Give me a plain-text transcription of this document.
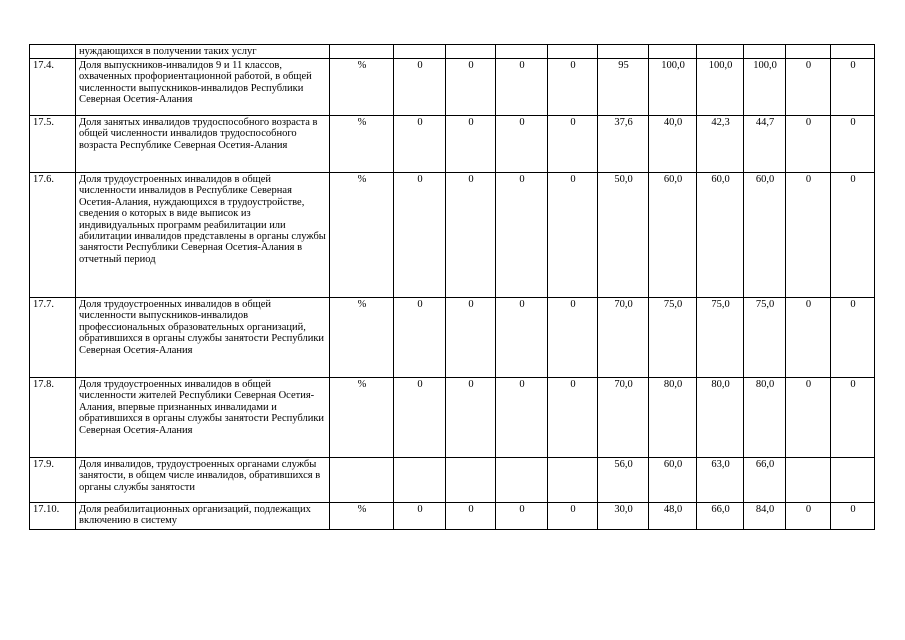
	нуждающихся в получении таких услуг											
17.4.	Доля выпускников-инвалидов 9 и 11 классов, охваченных профориентационной работой, в общей численности выпускников-инвалидов Республики Северная Осетия-Алания	%	0	0	0	0	95	100,0	100,0	100,0	0	0
17.5.	Доля занятых инвалидов трудоспособного возраста в общей численности инвалидов трудоспособного возраста Республике Северная Осетия-Алания	%	0	0	0	0	37,6	40,0	42,3	44,7	0	0
17.6.	Доля трудоустроенных инвалидов в общей численности инвалидов в Республике Северная Осетия-Алания, нуждающихся в трудоустройстве, сведения о которых в виде выписок из индивидуальных программ реабилитации или абилитации инвалидов представлены в органы службы занятости Республики Северная Осетия-Алания в отчетный период	%	0	0	0	0	50,0	60,0	60,0	60,0	0	0
17.7.	Доля трудоустроенных инвалидов в общей численности выпускников-инвалидов профессиональных образовательных организаций, обратившихся в органы службы занятости Республики Северная Осетия-Алания	%	0	0	0	0	70,0	75,0	75,0	75,0	0	0
17.8.	Доля трудоустроенных инвалидов в общей численности жителей Республики Северная Осетия-Алания, впервые признанных инвалидами и обратившихся в органы службы занятости Республики Северная Осетия-Алания	%	0	0	0	0	70,0	80,0	80,0	80,0	0	0
17.9.	Доля инвалидов, трудоустроенных органами службы занятости, в общем числе инвалидов, обратившихся в органы службы занятости						56,0	60,0	63,0	66,0		
17.10.	Доля реабилитационных организаций, подлежащих включению в систему	%	0	0	0	0	30,0	48,0	66,0	84,0	0	0
